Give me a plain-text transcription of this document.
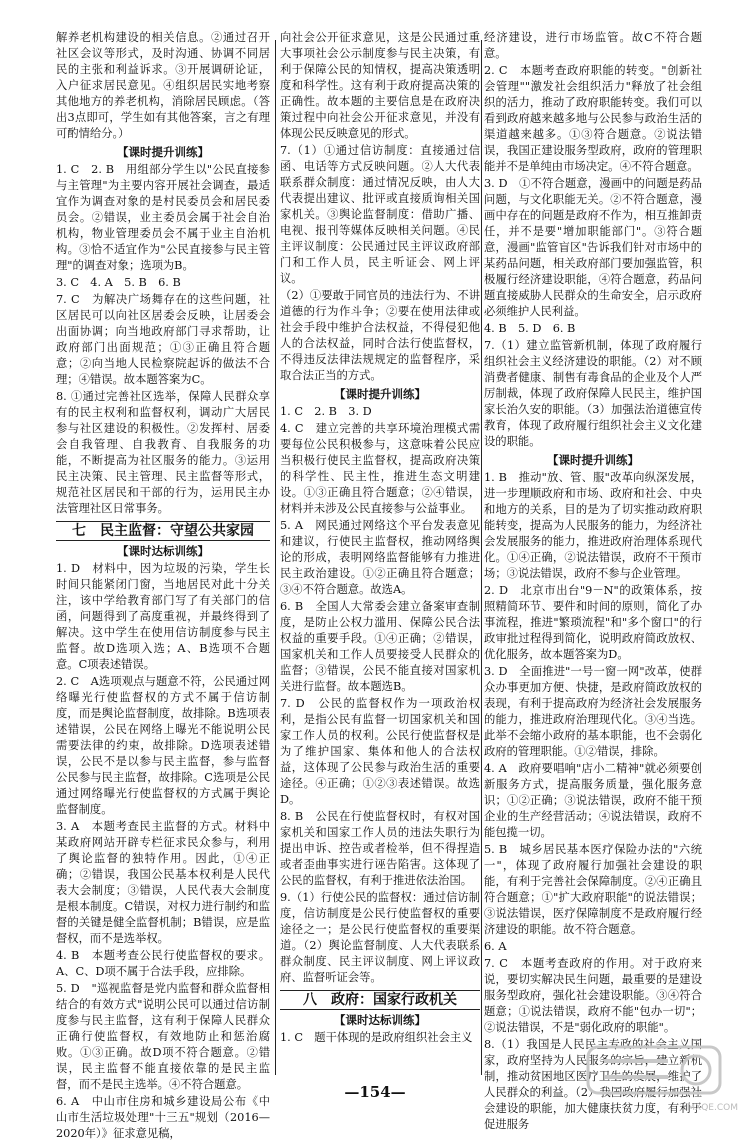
解养老机构建设的相关信息。②通过召开社区会议等形式，及时沟通、协调不同居民的主张和利益诉求。③开展调研论证，入户征求居民意见。④组织居民实地考察其他地方的养老机构，消除居民顾虑。（答出3点即可，学生如有其他答案，言之有理可酌情给分。）

【课时提升训练】

1. C　2. B　用组部分学生以"公民直接参与主管理"为主要内容开展社会调查，最适宜作为调查对象的是村民委员会和居民委员会。②错误，业主委员会属于社会自治机构，物业管理委员会不属于业主自治机构。③恰不适宜作为"公民直接参与民主管理"的调查对象；选项为B。

3. C　4. A　5. B　6. B

7. C　为解决广场舞存在的这些问题，社区居民可以向社区居委会反映，让居委会出面协调；向当地政府部门寻求帮助，让政府部门出面规范；①③正确且符合题意；②向当地人民检察院起诉的做法不合理；④错误。故本题答案为C。

8. ①通过完善社区选举，保障人民群众享有的民主权利和监督权利，调动广大居民参与社区建设的积极性。②发挥村、居委会自我管理、自我教育、自我服务的功能，不断提高为社区服务的能力。③运用民主决策、民主管理、民主监督等形式，规范社区居民和干部的行为，运用民主办法管理社区日常事务。

七　民主监督：守望公共家园
【课时达标训练】

1. D　材料中，因为垃圾的污染，学生长时间只能紧闭门窗，当地居民对此十分关注，该中学给教育部门写了有关部门的信函，问题得到了高度重视，并最终得到了解决。这中学生在使用信访制度参与民主监督。故D选项入选；A、B选项不合题意。C项表述错误。

2. C　A选项观点与题意不符，公民通过网络曝光行使监督权的方式不属于信访制度，而是舆论监督制度，故排除。B选项表述错误，公民在网络上曝光不能说明公民需要法律的约束，故排除。D选项表述错误，公民不是以参与民主监督，参与监督公民参与民主监督，故排除。C选项是公民通过网络曝光行使监督权的方式属于舆论监督制度。

3. A　本题考查民主监督的方式。材料中某政府网站开辟专栏征求民众参与，利用了舆论监督的独特作用。因此，①④正确；②错误，我国公民基本权利是人民代表大会制度；③错误，人民代表大会制度是根本制度。C错误，对权力进行制约和监督的关键是健全监督机制；B错误，应是监督权，而不是选举权。

4. B　本题考查公民行使监督权的要求。A、C、D项不属于合法手段，应排除。

5. D　"巡视监督是党内监督和群众监督相结合的有效方式"说明公民可以通过信访制度参与民主监督，这有利于保障人民群众正确行使监督权，有效地防止和惩治腐败。①③正确。故D项不符合题意。②错误，民主监督不能直接依靠的是民主监督，而不是民主选举。④不符合题意。

6. A　中山市住房和城乡建设局公布《中山市生活垃圾处理"十三五"规划（2016—2020年）》征求意见稿，

向社会公开征求意见，这是公民通过重大事项社会公示制度参与民主决策，有利于保障公民的知情权，提高决策透明度和科学性。这有利于政府提高决策的正确性。故本题的主要信息是在政府决策过程中向社会公开征求意见，并没有体现公民反映意见的形式。

7.（1）①通过信访制度：直接通过信函、电话等方式反映问题。②人大代表联系群众制度：通过情况反映，由人大代表提出建议、批评或直接质询相关国家机关。③舆论监督制度：借助广播、电视、报刊等媒体反映相关问题。④民主评议制度：公民通过民主评议政府部门和工作人员，民主听证会、网上评议。

（2）①要敢于同官员的违法行为、不讲道德的行为作斗争；②要在使用法律或社会手段中维护合法权益，不得侵犯他人的合法权益，同时合法行使监督权，不得违反法律法规规定的监督程序，采取合法正当的方式。

【课时提升训练】

1. C　2. B　3. D

4. C　建立完善的共享环境治理模式需要每位公民积极参与，这意味着公民应当积极行使民主监督权，提高政府决策的科学性、民主性，推进生态文明建设。①③正确且符合题意；②④错误，材料并未涉及公民直接参与公益事业。

5. A　网民通过网络这个平台发表意见和建议，行使民主监督权，推动网络舆论的形成，表明网络监督能够有力推进民主政治建设。①②正确且符合题意；③④不符合题意。故选A。

6. B　全国人大常委会建立备案审查制度，是防止公权力滥用、保障公民合法权益的重要手段。①④正确；②错误，国家机关和工作人员要接受人民群众的监督；③错误，公民不能直接对国家机关进行监督。故本题选B。

7. D　公民的监督权作为一项政治权利，是指公民有监督一切国家机关和国家工作人员的权利。公民行使监督权是为了维护国家、集体和他人的合法权益，这体现了公民参与政治生活的重要途径。④正确；①②③表述错误。故选D。

8. B　公民在行使监督权时，有权对国家机关和国家工作人员的违法失职行为提出申诉、控告或者检举，但不得捏造或者歪曲事实进行诬告陷害。这体现了公民的监督权，有利于推进依法治国。

9.（1）行使公民的监督权：通过信访制度，信访制度是公民行使监督权的重要途径之一；是公民行使监督权的重要渠道。（2）舆论监督制度、人大代表联系群众制度、民主评议制度、网上评议政府、监督听证会等。

八　政府：国家行政机关
【课时达标训练】

1. C　题干体现的是政府组织社会主义

经济建设，进行市场监管。故C不符合题意。

2. C　本题考查政府职能的转变。"创新社会管理""激发社会组织活力"释放了社会组织的活力，推动了政府职能转变。我们可以看到政府越来越多地与公民参与政治生活的渠道越来越多。①③符合题意。②说法错误，我国正建设服务型政府，政府的管理职能并不是单纯由市场决定。④不符合题意。

3. D　①不符合题意，漫画中的问题是药品问题，与文化职能无关。②不符合题意，漫画中存在的问题是政府不作为，相互推卸责任，并不是要"增加职能部门"。③符合题意，漫画"监管盲区"告诉我们针对市场中的某药品问题，相关政府部门要加强监管，积极履行经济建设职能，④符合题意，药品问题直接威胁人民群众的生命安全，启示政府必须维护人民利益。

4. B　5. D　6. B

7.（1）建立监管新机制，体现了政府履行组织社会主义经济建设的职能。（2）对不顾消费者健康、制售有毒食品的企业及个人严厉制裁，体现了政府保障人民民主，维护国家长治久安的职能。（3）加强法治道德宣传教育，体现了政府履行组织社会主义文化建设的职能。

【课时提升训练】

1. B　推动"放、管、服"改革向纵深发展，进一步理顺政府和市场、政府和社会、中央和地方的关系，目的是为了切实推动政府职能转变，提高为人民服务的能力，为经济社会发展服务的能力，推进政府治理体系现代化。①④正确，②说法错误，政府不干预市场；③说法错误，政府不参与企业管理。

2. D　北京市出台"9－N"的政策体系，按照精简环节、要件和时间的原则，简化了办事流程，推进"繁琐流程"和"多个窗口"的行政审批过程得到简化，说明政府简政放权、优化服务，故本题答案为D。

3. D　全面推进"一号一窗一网"改革，使群众办事更加方便、快捷，是政府简政放权的表现，有利于提高政府为经济社会发展服务的能力，推进政府治理现代化。③④当选。此举不会缩小政府的基本职能，也不会弱化政府的管理职能。①②错误，排除。

4. A　政府要唱响"店小二精神"就必须要创新服务方式，提高服务质量，强化服务意识；①②正确；③说法错误，政府不能干预企业的生产经营活动；④说法错误，政府不能包揽一切。

5. B　城乡居民基本医疗保险办法的"六统一"，体现了政府履行加强社会建设的职能，有利于完善社会保障制度。②④正确且符合题意；①"扩大政府职能"的说法错误；③说法错误，医疗保障制度不是政府履行经济建设的职能。故不符合题意。

6. A

7. C　本题考查政府的作用。对于政府来说，要切实解决民生问题，最重要的是建设服务型政府，强化社会建设职能。③④符合题意；①说法错误，政府不能"包办一切"；②说法错误，不是"弱化政府的职能"。

8.（1）我国是人民民主专政的社会主义国家，政府坚持为人民服务的宗旨，建立新机制，推动贫困地区医疗卫生的发展，维护了人民群众的利益。（2）我国政府履行加强社会建设的职能，加大健康扶贫力度，有利于促进服务

—154—
MXQE.COM
